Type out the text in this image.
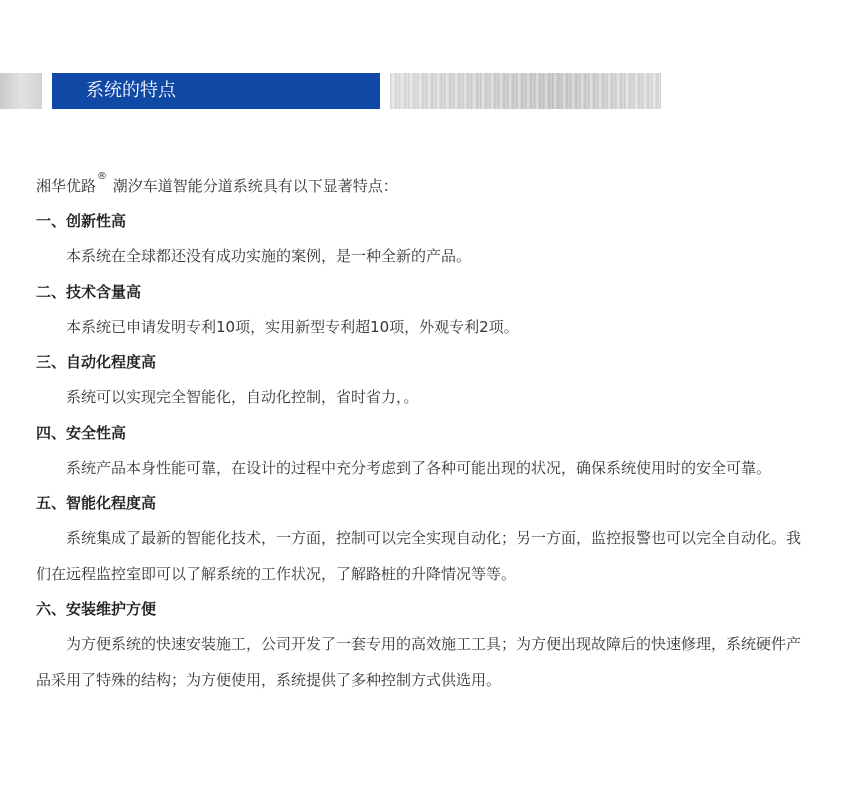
系统的特点
湘华优路® 潮汐车道智能分道系统具有以下显著特点：
一、创新性高
本系统在全球都还没有成功实施的案例，是一种全新的产品。
二、技术含量高
本系统已申请发明专利10项，实用新型专利超10项，外观专利2项。
三、自动化程度高
系统可以实现完全智能化，自动化控制，省时省力，。
四、安全性高
系统产品本身性能可靠，在设计的过程中充分考虑到了各种可能出现的状况，确保系统使用时的安全可靠。
五、智能化程度高
系统集成了最新的智能化技术，一方面，控制可以完全实现自动化；另一方面，监控报警也可以完全自动化。我们在远程监控室即可以了解系统的工作状况，了解路桩的升降情况等等。
六、安装维护方便
为方便系统的快速安装施工，公司开发了一套专用的高效施工工具；为方便出现故障后的快速修理，系统硬件产品采用了特殊的结构；为方便使用，系统提供了多种控制方式供选用。
